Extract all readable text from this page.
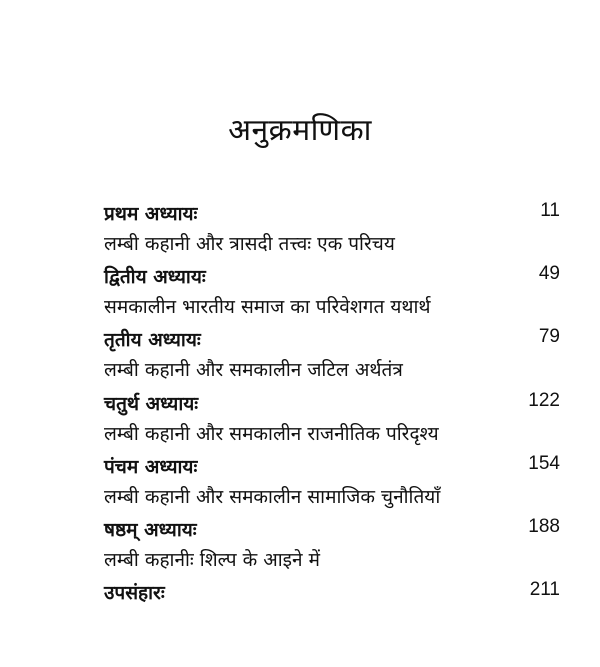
अनुक्रमणिका
प्रथम अध्यायः	11
लम्बी कहानी और त्रासदी तत्त्वः एक परिचय
द्वितीय अध्यायः	49
समकालीन भारतीय समाज का परिवेशगत यथार्थ
तृतीय अध्यायः	79
लम्बी कहानी और समकालीन जटिल अर्थतंत्र
चतुर्थ अध्यायः	122
लम्बी कहानी और समकालीन राजनीतिक परिदृश्य
पंचम अध्यायः	154
लम्बी कहानी और समकालीन सामाजिक चुनौतियाँ
षष्ठम् अध्यायः	188
लम्बी कहानीः शिल्प के आइने में
उपसंहारः	211
